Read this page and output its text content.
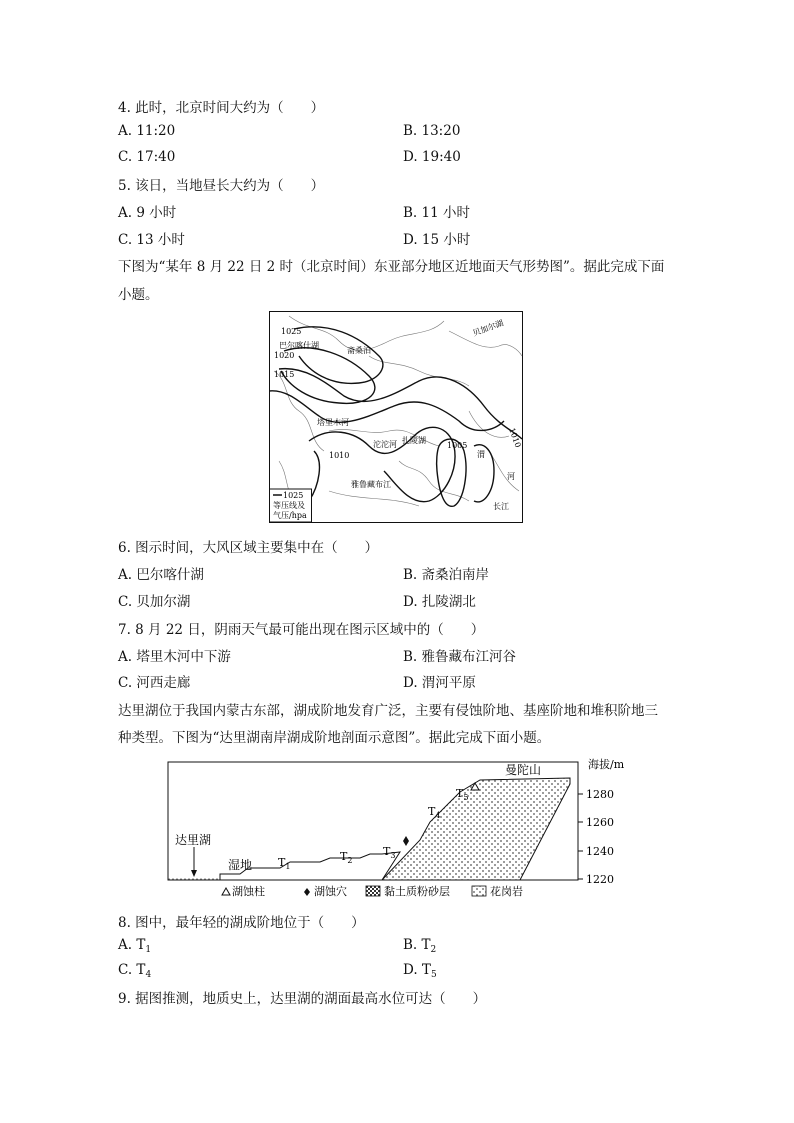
4. 此时，北京时间大约为（　　）
A. 11:20	B. 13:20
C. 17:40	D. 19:40
5. 该日，当地昼长大约为（　　）
A. 9 小时	B. 11 小时
C. 13 小时	D. 15 小时
下图为“某年 8 月 22 日 2 时（北京时间）东亚部分地区近地面天气形势图”。据此完成下面
小题。
1025
等压线及
气压/hpa
1025
1020
1015
1005
1010
1010
巴尔喀什湖
斋桑泊
贝加尔湖
塔里木河
沱沱河 扎陵湖
雅鲁藏布江
渭
河
长江
6. 图示时间，大风区域主要集中在（　　）
A. 巴尔喀什湖	B. 斋桑泊南岸
C. 贝加尔湖	D. 扎陵湖北
7. 8 月 22 日，阴雨天气最可能出现在图示区域中的（　　）
A. 塔里木河中下游	B. 雅鲁藏布江河谷
C. 河西走廊	D. 渭河平原
达里湖位于我国内蒙古东部，湖成阶地发育广泛，主要有侵蚀阶地、基座阶地和堆积阶地三
种类型。下图为“达里湖南岸湖成阶地剖面示意图”。据此完成下面小题。
达里湖
湿地 $T_1$
$T_2$
$T_3$
$T_4$
$T_5$
曼陀山	海拔/m
1280
1260
1240
1220
湖蚀柱	湖蚀穴	黏土质粉砂层	花岗岩
8. 图中，最年轻的湖成阶地位于（　　）
A. $T_1$	B. $T_2$
C. $T_4$	D. $T_5$
9. 据图推测，地质史上，达里湖的湖面最高水位可达（　　）
